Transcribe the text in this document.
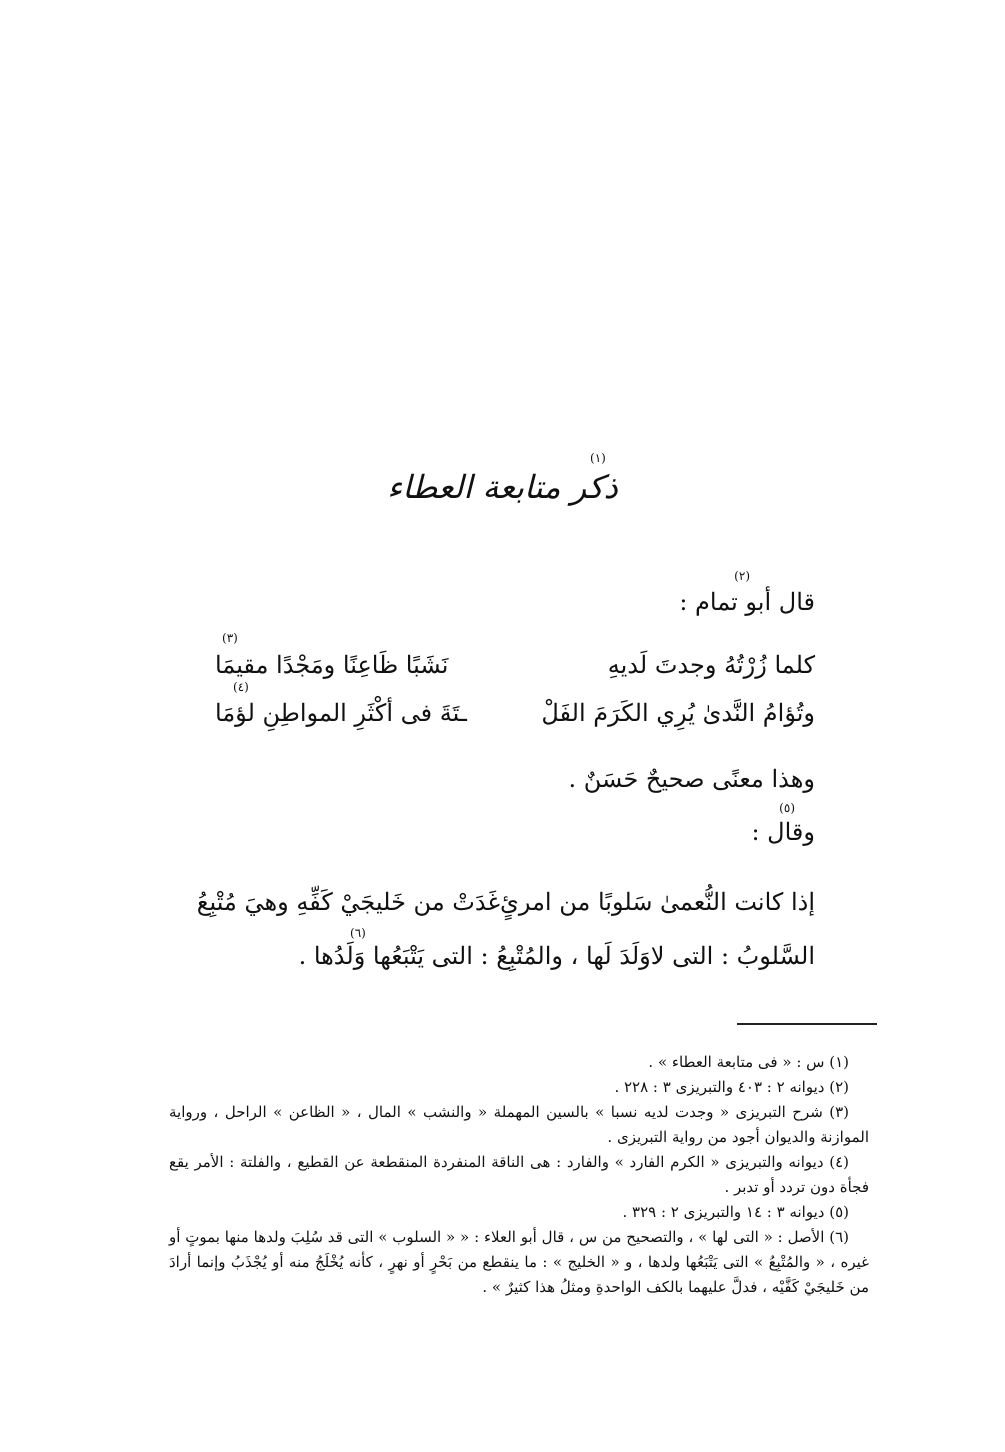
(١)
ذكر متابعة العطاء
(٢)
قال أبو تمام :
(٣)
كلما زُرْتُهُ وجدتَ لَديهِ
نَشَبًا ظَاعِنًا ومَجْدًا مقيمَا
(٤)
وتُؤامُ النَّدىٰ يُرِي الكَرَمَ الفَلْ
ـتَةَ فى أكْثَرِ المواطِنِ لؤمَا
وهذا معنًى صحيحٌ حَسَنٌ .
(٥)
وقال :
إذا كانت النُّعمىٰ سَلوبًا من امرئٍ
غَدَتْ من خَليجَيْ كَفِّهِ وهيَ مُتْبِعُ
(٦)
السَّلوبُ : التى لاوَلَدَ لَها ، والمُتْبِعُ : التى يَتْبَعُها وَلَدُها .

(١) س : « فى متابعة العطاء » .

(٢) ديوانه ٢ : ٤٠٣ والتبريزى ٣ : ٢٢٨ .

(٣) شرح التبريزى « وجدت لديه نسبا » بالسين المهملة « والنشب » المال ، « الظاعن » الراحل ، ورواية الموازنة والديوان أجود من رواية التبريزى .

(٤) ديوانه والتبريزى « الكرم الفارد » والفارد : هى الناقة المنفردة المنقطعة عن القطيع ، والفلتة : الأمر يقع فجأة دون تردد أو تدبر .

(٥) ديوانه ٣ : ١٤ والتبريزى ٢ : ٣٢٩ .

(٦) الأصل : « التى لها » ، والتصحيح من س ، قال أبو العلاء : « « السلوب » التى قد سُلِبَ ولدها منها بموتٍ أو غيره ، « والمُتْبِعُ » التى يَتْبَعُها ولدها ، و « الخليج » : ما ينقطع من بَحْرٍ أو نهرٍ ، كأنه يُخْلَجُ منه أو يُجْذَبُ وإنما أرادَ من خَليجَيْ كَفَّيْه ، فدلَّ عليهما بالكف الواحدةِ ومثلُ هذا كثيرٌ » .
